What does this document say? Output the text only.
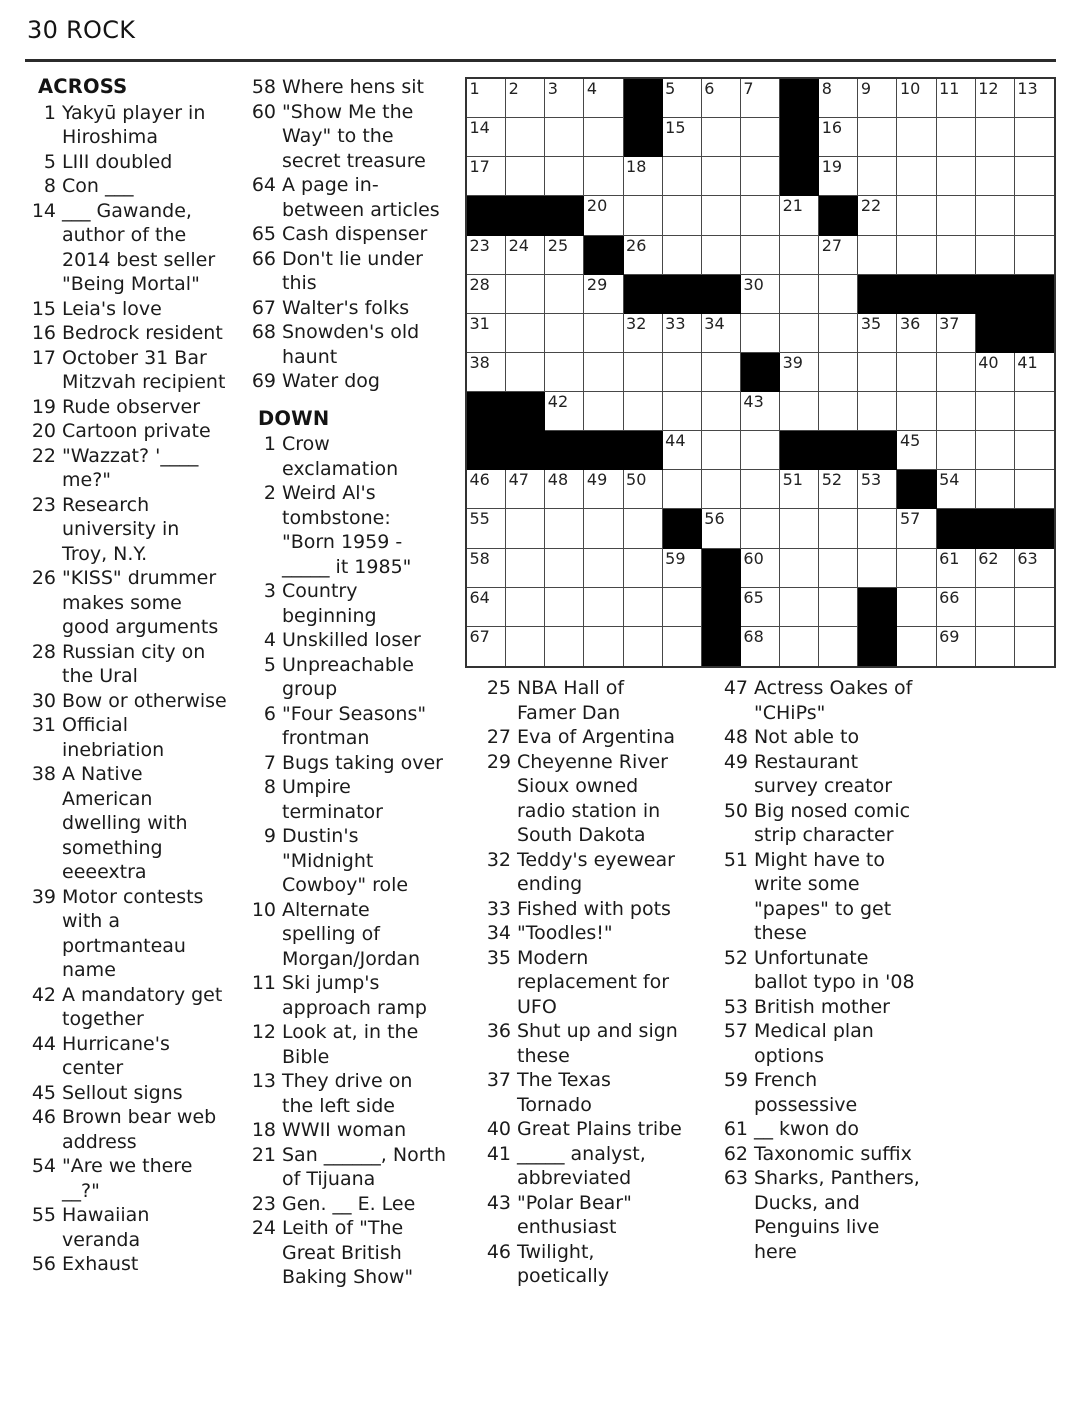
30 ROCK
ACROSS
1 Yakyū player in Hiroshima
5 LIII doubled
8 Con ___
14 ___ Gawande, author of the 2014 best seller "Being Mortal"
15 Leia's love
16 Bedrock resident
17 October 31 Bar Mitzvah recipient
19 Rude observer
20 Cartoon private
22 "Wazzat? '____ me?"
23 Research university in Troy, N.Y.
26 "KISS" drummer makes some good arguments
28 Russian city on the Ural
30 Bow or otherwise
31 Official inebriation
38 A Native American dwelling with something eeeextra
39 Motor contests with a portmanteau name
42 A mandatory get together
44 Hurricane's center
45 Sellout signs
46 Brown bear web address
54 "Are we there __?"
55 Hawaiian veranda
56 Exhaust
58 Where hens sit
60 "Show Me the Way" to the secret treasure
64 A page in-between articles
65 Cash dispenser
66 Don't lie under this
67 Walter's folks
68 Snowden's old haunt
69 Water dog
DOWN
1 Crow exclamation
2 Weird Al's tombstone: "Born 1959 - _____ it 1985"
3 Country beginning
4 Unskilled loser
5 Unpreachable group
6 "Four Seasons" frontman
7 Bugs taking over
8 Umpire terminator
9 Dustin's "Midnight Cowboy" role
10 Alternate spelling of Morgan/Jordan
11 Ski jump's approach ramp
12 Look at, in the Bible
13 They drive on the left side
18 WWII woman
21 San ______, North of Tijuana
23 Gen. __ E. Lee
24 Leith of "The Great British Baking Show"
1 2 3 4	5 6 7	8 9 10 11 12 13
14	15	16
17	18	19
20	21	22
23 24 25	26	27
28	29	30
31	32 33 34	35 36 37
38	39	40 41
42	43
44	45
46 47 48 49 50	51 52 53	54
55	56	57
58	59	60	61 62 63
64	65	66
67	68	69
25 NBA Hall of Famer Dan
27 Eva of Argentina
29 Cheyenne River Sioux owned radio station in South Dakota
32 Teddy's eyewear ending
33 Fished with pots
34 "Toodles!"
35 Modern replacement for UFO
36 Shut up and sign these
37 The Texas Tornado
40 Great Plains tribe
41 _____ analyst, abbreviated
43 "Polar Bear" enthusiast
46 Twilight, poetically
47 Actress Oakes of "CHiPs"
48 Not able to
49 Restaurant survey creator
50 Big nosed comic strip character
51 Might have to write some "papes" to get these
52 Unfortunate ballot typo in '08
53 British mother
57 Medical plan options
59 French possessive
61 __ kwon do
62 Taxonomic suffix
63 Sharks, Panthers, Ducks, and Penguins live here
